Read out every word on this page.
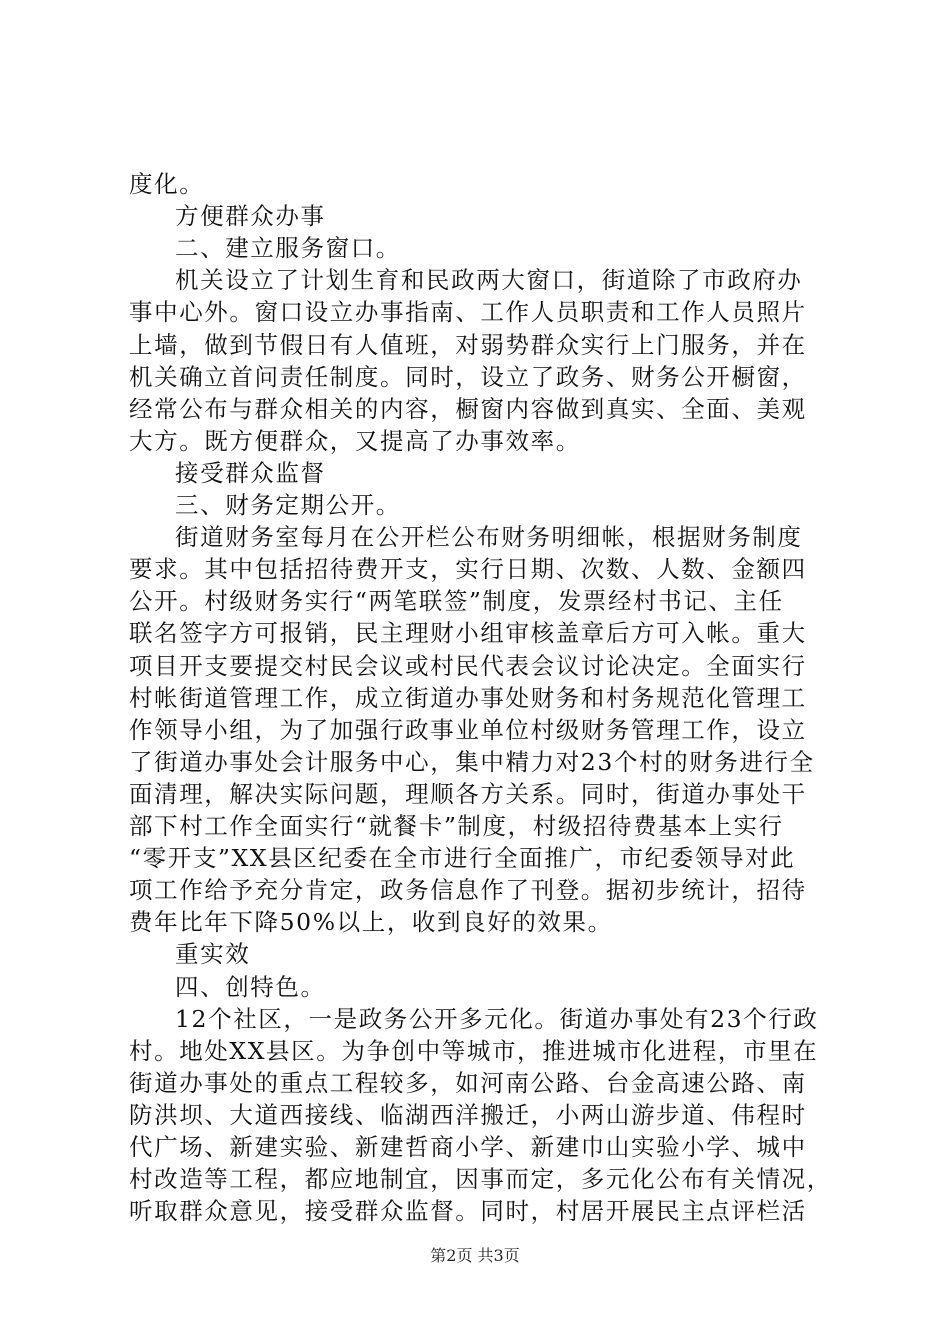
度化。

方便群众办事

二、建立服务窗口。

机关设立了计划生育和民政两大窗口，街道除了市政府办

事中心外。窗口设立办事指南、工作人员职责和工作人员照片

上墙，做到节假日有人值班，对弱势群众实行上门服务，并在

机关确立首问责任制度。同时，设立了政务、财务公开橱窗，

经常公布与群众相关的内容，橱窗内容做到真实、全面、美观

大方。既方便群众，又提高了办事效率。

接受群众监督

三、财务定期公开。

街道财务室每月在公开栏公布财务明细帐，根据财务制度

要求。其中包括招待费开支，实行日期、次数、人数、金额四

公开。村级财务实行“两笔联签”制度，发票经村书记、主任

联名签字方可报销，民主理财小组审核盖章后方可入帐。重大

项目开支要提交村民会议或村民代表会议讨论决定。全面实行

村帐街道管理工作，成立街道办事处财务和村务规范化管理工

作领导小组，为了加强行政事业单位村级财务管理工作，设立

了街道办事处会计服务中心，集中精力对23个村的财务进行全

面清理，解决实际问题，理顺各方关系。同时，街道办事处干

部下村工作全面实行“就餐卡”制度，村级招待费基本上实行

“零开支”XX县区纪委在全市进行全面推广，市纪委领导对此

项工作给予充分肯定，政务信息作了刊登。据初步统计，招待

费年比年下降50%以上，收到良好的效果。

重实效

四、创特色。

12个社区，一是政务公开多元化。街道办事处有23个行政

村。地处XX县区。为争创中等城市，推进城市化进程，市里在

街道办事处的重点工程较多，如河南公路、台金高速公路、南

防洪坝、大道西接线、临湖西洋搬迁，小两山游步道、伟程时

代广场、新建实验、新建哲商小学、新建巾山实验小学、城中

村改造等工程，都应地制宜，因事而定，多元化公布有关情况，

听取群众意见，接受群众监督。同时，村居开展民主点评栏活

第2页 共3页
